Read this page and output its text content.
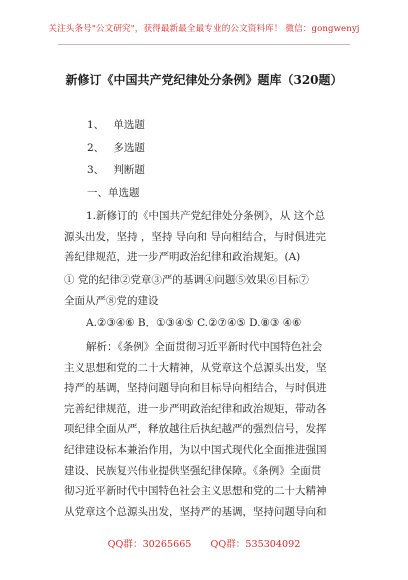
关注头条号"公文研究"，获得最新最全最专业的公文资料库！ 微信：gongwenyj
新修订《中国共产党纪律处分条例》题库（320题）
1、 单选题
2、 多选题
3、 判断题
一、单选题
1.新修订的《中国共产党纪律处分条例》，从 这个总
源头出发，坚持 ，坚持 导向和 导向相结合，与时俱进完
善纪律规范，进一步严明政治纪律和政治规矩。(A)
① 党的纪律②党章③严的基调④问题⑤效果⑥目标⑦
全面从严⑧党的建设
A.②③④⑥ B．①③④⑤ C.②⑦④⑤ D.⑧③ ④⑥
解析：《条例》全面贯彻习近平新时代中国特色社会
主义思想和党的二十大精神，从党章这个总源头出发，坚
持严的基调，坚持问题导向和目标导向相结合，与时俱进
完善纪律规范，进一步严明政治纪律和政治规矩，带动各
项纪律全面从严，释放越往后执纪越严的强烈信号，发挥
纪律建设标本兼治作用，为以中国式现代化全面推进强国
建设、民族复兴伟业提供坚强纪律保障。《条例》全面贯
彻习近平新时代中国特色社会主义思想和党的二十大精神
从党章这个总源头出发，坚持严的基调，坚持问题导向和
QQ群：30265665 QQ群：535304092
